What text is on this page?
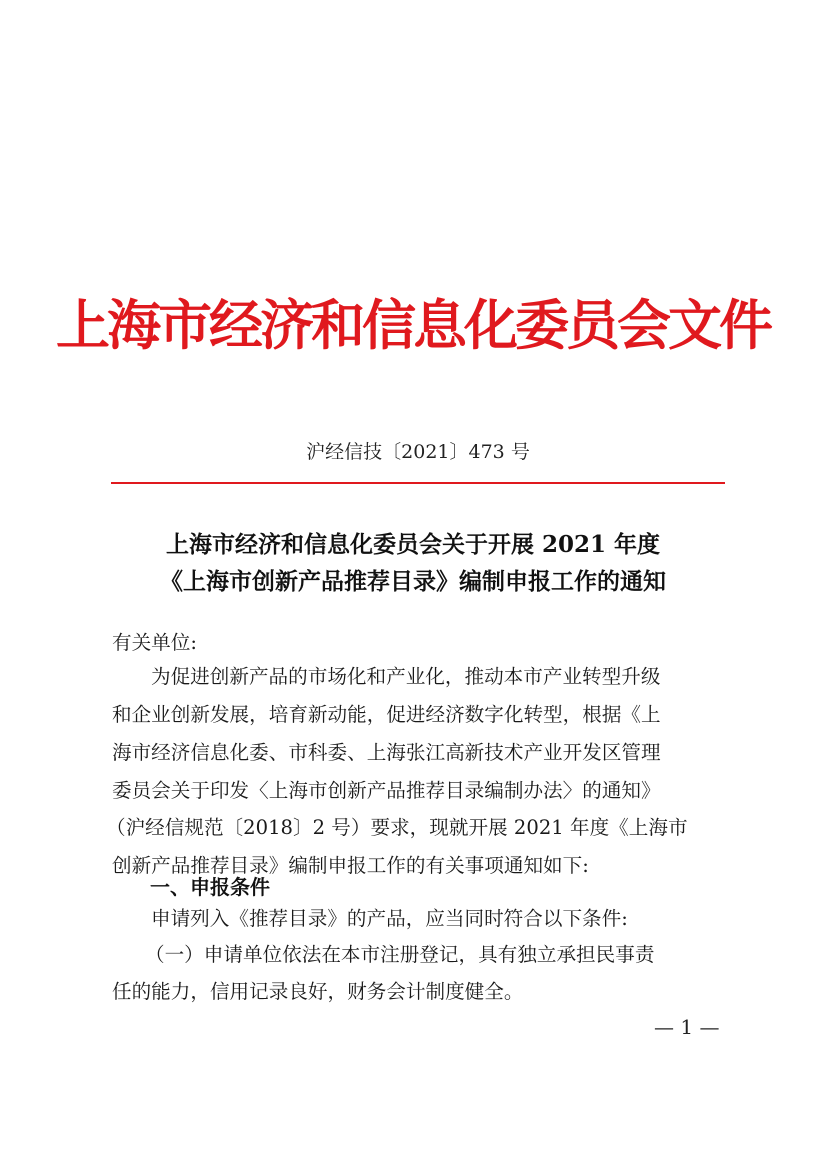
上海市经济和信息化委员会文件
沪经信技〔2021〕473 号
上海市经济和信息化委员会关于开展 2021 年度
《上海市创新产品推荐目录》编制申报工作的通知
有关单位:
为促进创新产品的市场化和产业化，推动本市产业转型升级
和企业创新发展，培育新动能，促进经济数字化转型，根据《上
海市经济信息化委、市科委、上海张江高新技术产业开发区管理
委员会关于印发〈上海市创新产品推荐目录编制办法〉的通知》
（沪经信规范〔2018〕2 号）要求，现就开展 2021 年度《上海市
创新产品推荐目录》编制申报工作的有关事项通知如下:
一、申报条件
申请列入《推荐目录》的产品，应当同时符合以下条件:
（一）申请单位依法在本市注册登记，具有独立承担民事责
任的能力，信用记录良好，财务会计制度健全。
— 1 —
